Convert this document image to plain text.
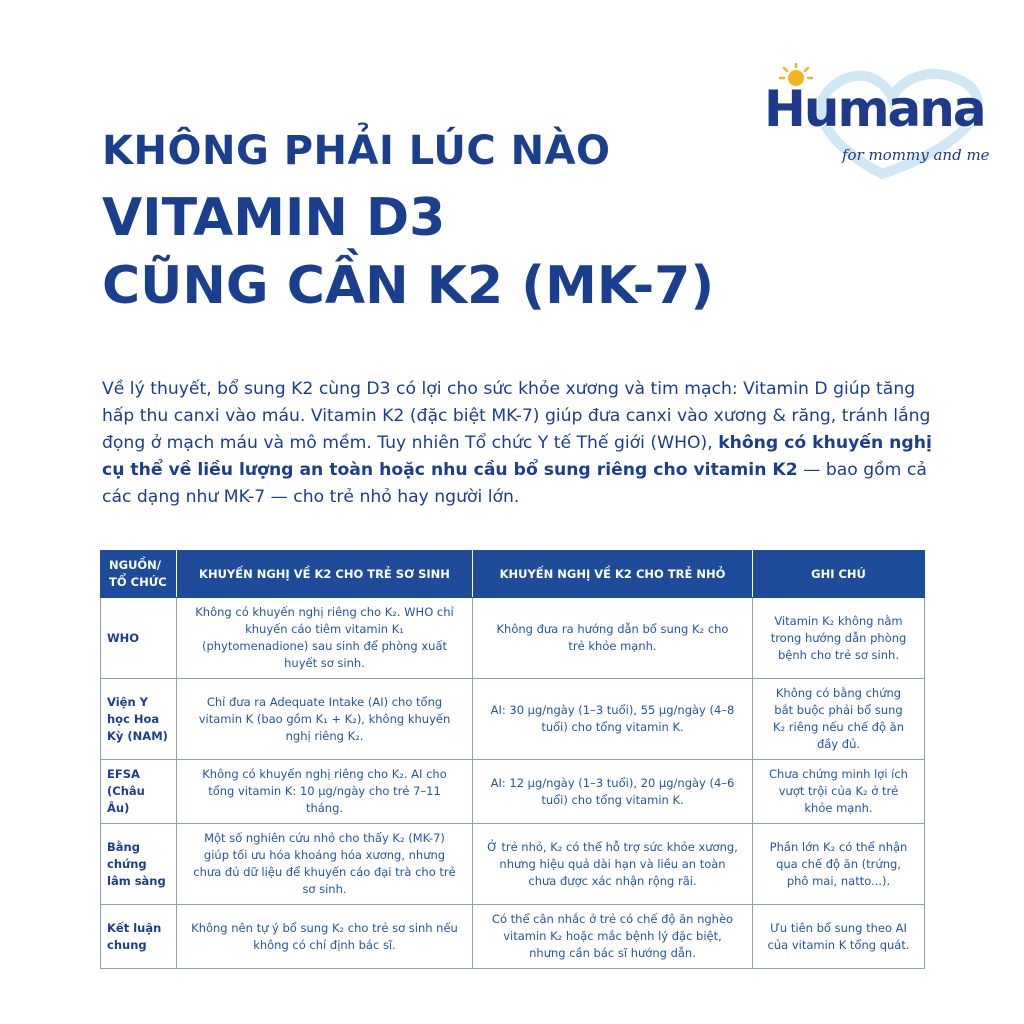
Humana
for mommy and me
KHÔNG PHẢI LÚC NÀO
VITAMIN D3
CŨNG CẦN K2 (MK-7)

Về lý thuyết, bổ sung K2 cùng D3 có lợi cho sức khỏe xương và tim mạch: Vitamin D giúp tăng hấp thu canxi vào máu. Vitamin K2 (đặc biệt MK-7) giúp đưa canxi vào xương & răng, tránh lắng đọng ở mạch máu và mô mềm. Tuy nhiên Tổ chức Y tế Thế giới (WHO), không có khuyến nghị cụ thể về liều lượng an toàn hoặc nhu cầu bổ sung riêng cho vitamin K2 — bao gồm cả các dạng như MK-7 — cho trẻ nhỏ hay người lớn.

NGUỒN/ TỔ CHỨC	KHUYẾN NGHỊ VỀ K2 CHO TRẺ SƠ SINH	KHUYẾN NGHỊ VỀ K2 CHO TRẺ NHỎ	GHI CHÚ
WHO	Không có khuyến nghị riêng cho K₂. WHO chỉ khuyến cáo tiêm vitamin K₁ (phytomenadione) sau sinh để phòng xuất huyết sơ sinh.	Không đưa ra hướng dẫn bổ sung K₂ cho trẻ khỏe mạnh.	Vitamin K₂ không nằm trong hướng dẫn phòng bệnh cho trẻ sơ sinh.
Viện Y học Hoa Kỳ (NAM)	Chỉ đưa ra Adequate Intake (AI) cho tổng vitamin K (bao gồm K₁ + K₂), không khuyến nghị riêng K₂.	AI: 30 µg/ngày (1–3 tuổi), 55 µg/ngày (4–8 tuổi) cho tổng vitamin K.	Không có bằng chứng bắt buộc phải bổ sung K₂ riêng nếu chế độ ăn đầy đủ.
EFSA (Châu Âu)	Không có khuyến nghị riêng cho K₂. AI cho tổng vitamin K: 10 µg/ngày cho trẻ 7–11 tháng.	AI: 12 µg/ngày (1–3 tuổi), 20 µg/ngày (4–6 tuổi) cho tổng vitamin K.	Chưa chứng minh lợi ích vượt trội của K₂ ở trẻ khỏe mạnh.
Bằng chứng lâm sàng	Một số nghiên cứu nhỏ cho thấy K₂ (MK-7) giúp tối ưu hóa khoáng hóa xương, nhưng chưa đủ dữ liệu để khuyến cáo đại trà cho trẻ sơ sinh.	Ở trẻ nhỏ, K₂ có thể hỗ trợ sức khỏe xương, nhưng hiệu quả dài hạn và liều an toàn chưa được xác nhận rộng rãi.	Phần lớn K₂ có thể nhận qua chế độ ăn (trứng, phô mai, natto...).
Kết luận chung	Không nên tự ý bổ sung K₂ cho trẻ sơ sinh nếu không có chỉ định bác sĩ.	Có thể cân nhắc ở trẻ có chế độ ăn nghèo vitamin K₂ hoặc mắc bệnh lý đặc biệt, nhưng cần bác sĩ hướng dẫn.	Ưu tiên bổ sung theo AI của vitamin K tổng quát.
